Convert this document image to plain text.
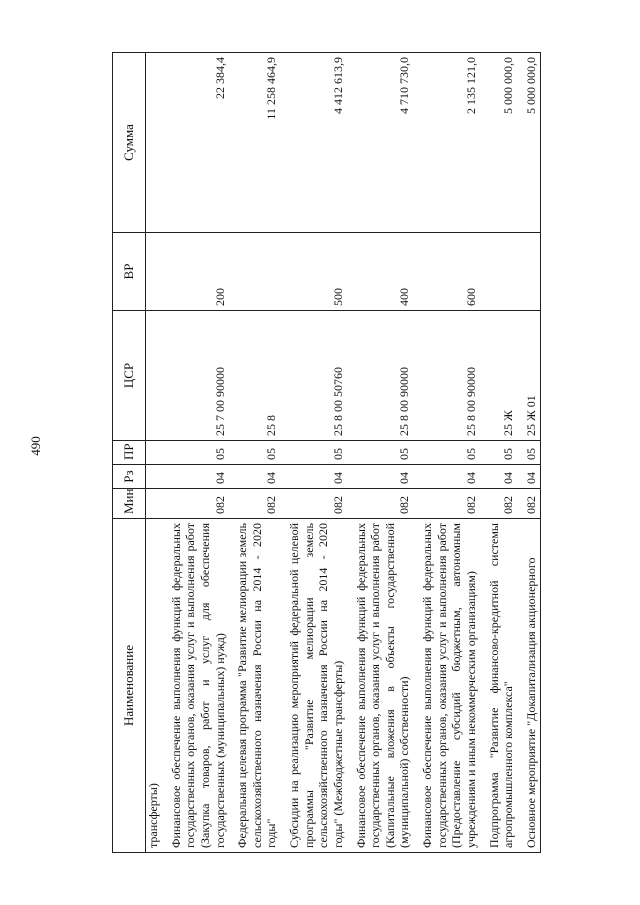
490
Наименование	Мин	Рз	ПР	ЦСР	ВР	Сумма
трансферты)						
Финансовое обеспечение выполнения функций федеральных государственных органов, оказания услуг и выполнения работ (Закупка товаров, работ и услуг для обеспечения государственных (муниципальных) нужд)	082	04	05	25 7 00 90000	200	22 384,4
Федеральная целевая программа "Развитие мелиорации земель сельскохозяйственного назначения России на 2014 - 2020 годы"	082	04	05	25 8		11 258 464,9
Субсидии на реализацию мероприятий федеральной целевой программы "Развитие мелиорации земель сельскохозяйственного назначения России на 2014 - 2020 годы" (Межбюджетные трансферты)	082	04	05	25 8 00 50760	500	4 412 613,9
Финансовое обеспечение выполнения функций федеральных государственных органов, оказания услуг и выполнения работ (Капитальные вложения в объекты государственной (муниципальной) собственности)	082	04	05	25 8 00 90000	400	4 710 730,0
Финансовое обеспечение выполнения функций федеральных государственных органов, оказания услуг и выполнения работ (Предоставление субсидий бюджетным, автономным учреждениям и иным некоммерческим организациям)	082	04	05	25 8 00 90000	600	2 135 121,0
Подпрограмма "Развитие финансово-кредитной системы агропромышленного комплекса"	082	04	05	25 Ж		5 000 000,0
Основное мероприятие "Докапитализация акционерного	082	04	05	25 Ж 01		5 000 000,0
